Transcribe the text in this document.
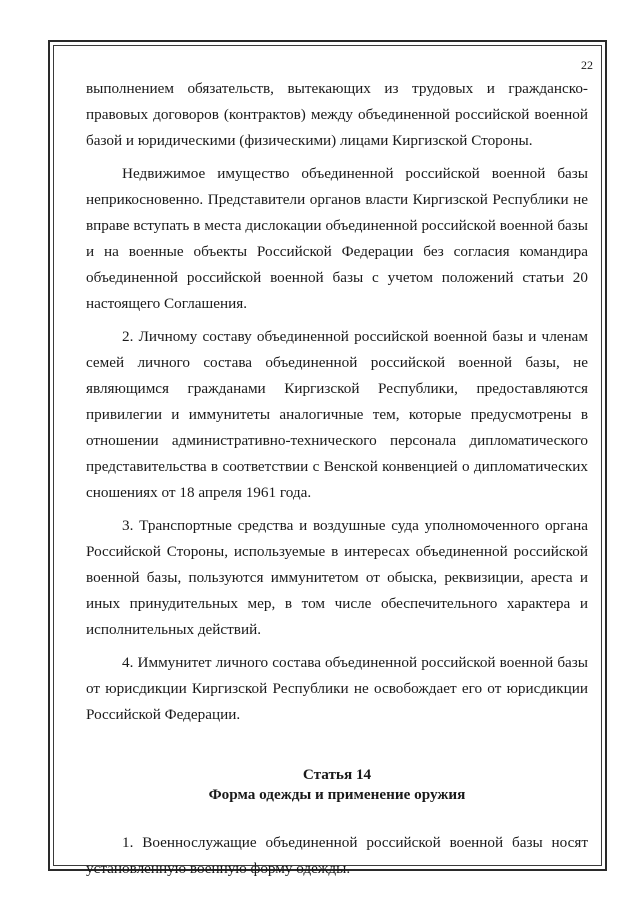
22

выполнением обязательств, вытекающих из трудовых и гражданско-правовых договоров (контрактов) между объединенной российской военной базой и юридическими (физическими) лицами Киргизской Стороны.

Недвижимое имущество объединенной российской военной базы неприкосновенно. Представители органов власти Киргизской Республики не вправе вступать в места дислокации объединенной российской военной базы и на военные объекты Российской Федерации без согласия командира объединенной российской военной базы с учетом положений статьи 20 настоящего Соглашения.

2. Личному составу объединенной российской военной базы и членам семей личного состава объединенной российской военной базы, не являющимся гражданами Киргизской Республики, предоставляются привилегии и иммунитеты аналогичные тем, которые предусмотрены в отношении административно-технического персонала дипломатического представительства в соответствии с Венской конвенцией о дипломатических сношениях от 18 апреля 1961 года.

3. Транспортные средства и воздушные суда уполномоченного органа Российской Стороны, используемые в интересах объединенной российской военной базы, пользуются иммунитетом от обыска, реквизиции, ареста и иных принудительных мер, в том числе обеспечительного характера и исполнительных действий.

4. Иммунитет личного состава объединенной российской военной базы от юрисдикции Киргизской Республики не освобождает его от юрисдикции Российской Федерации.

Статья 14
Форма одежды и применение оружия

1. Военнослужащие объединенной российской военной базы носят установленную военную форму одежды.
